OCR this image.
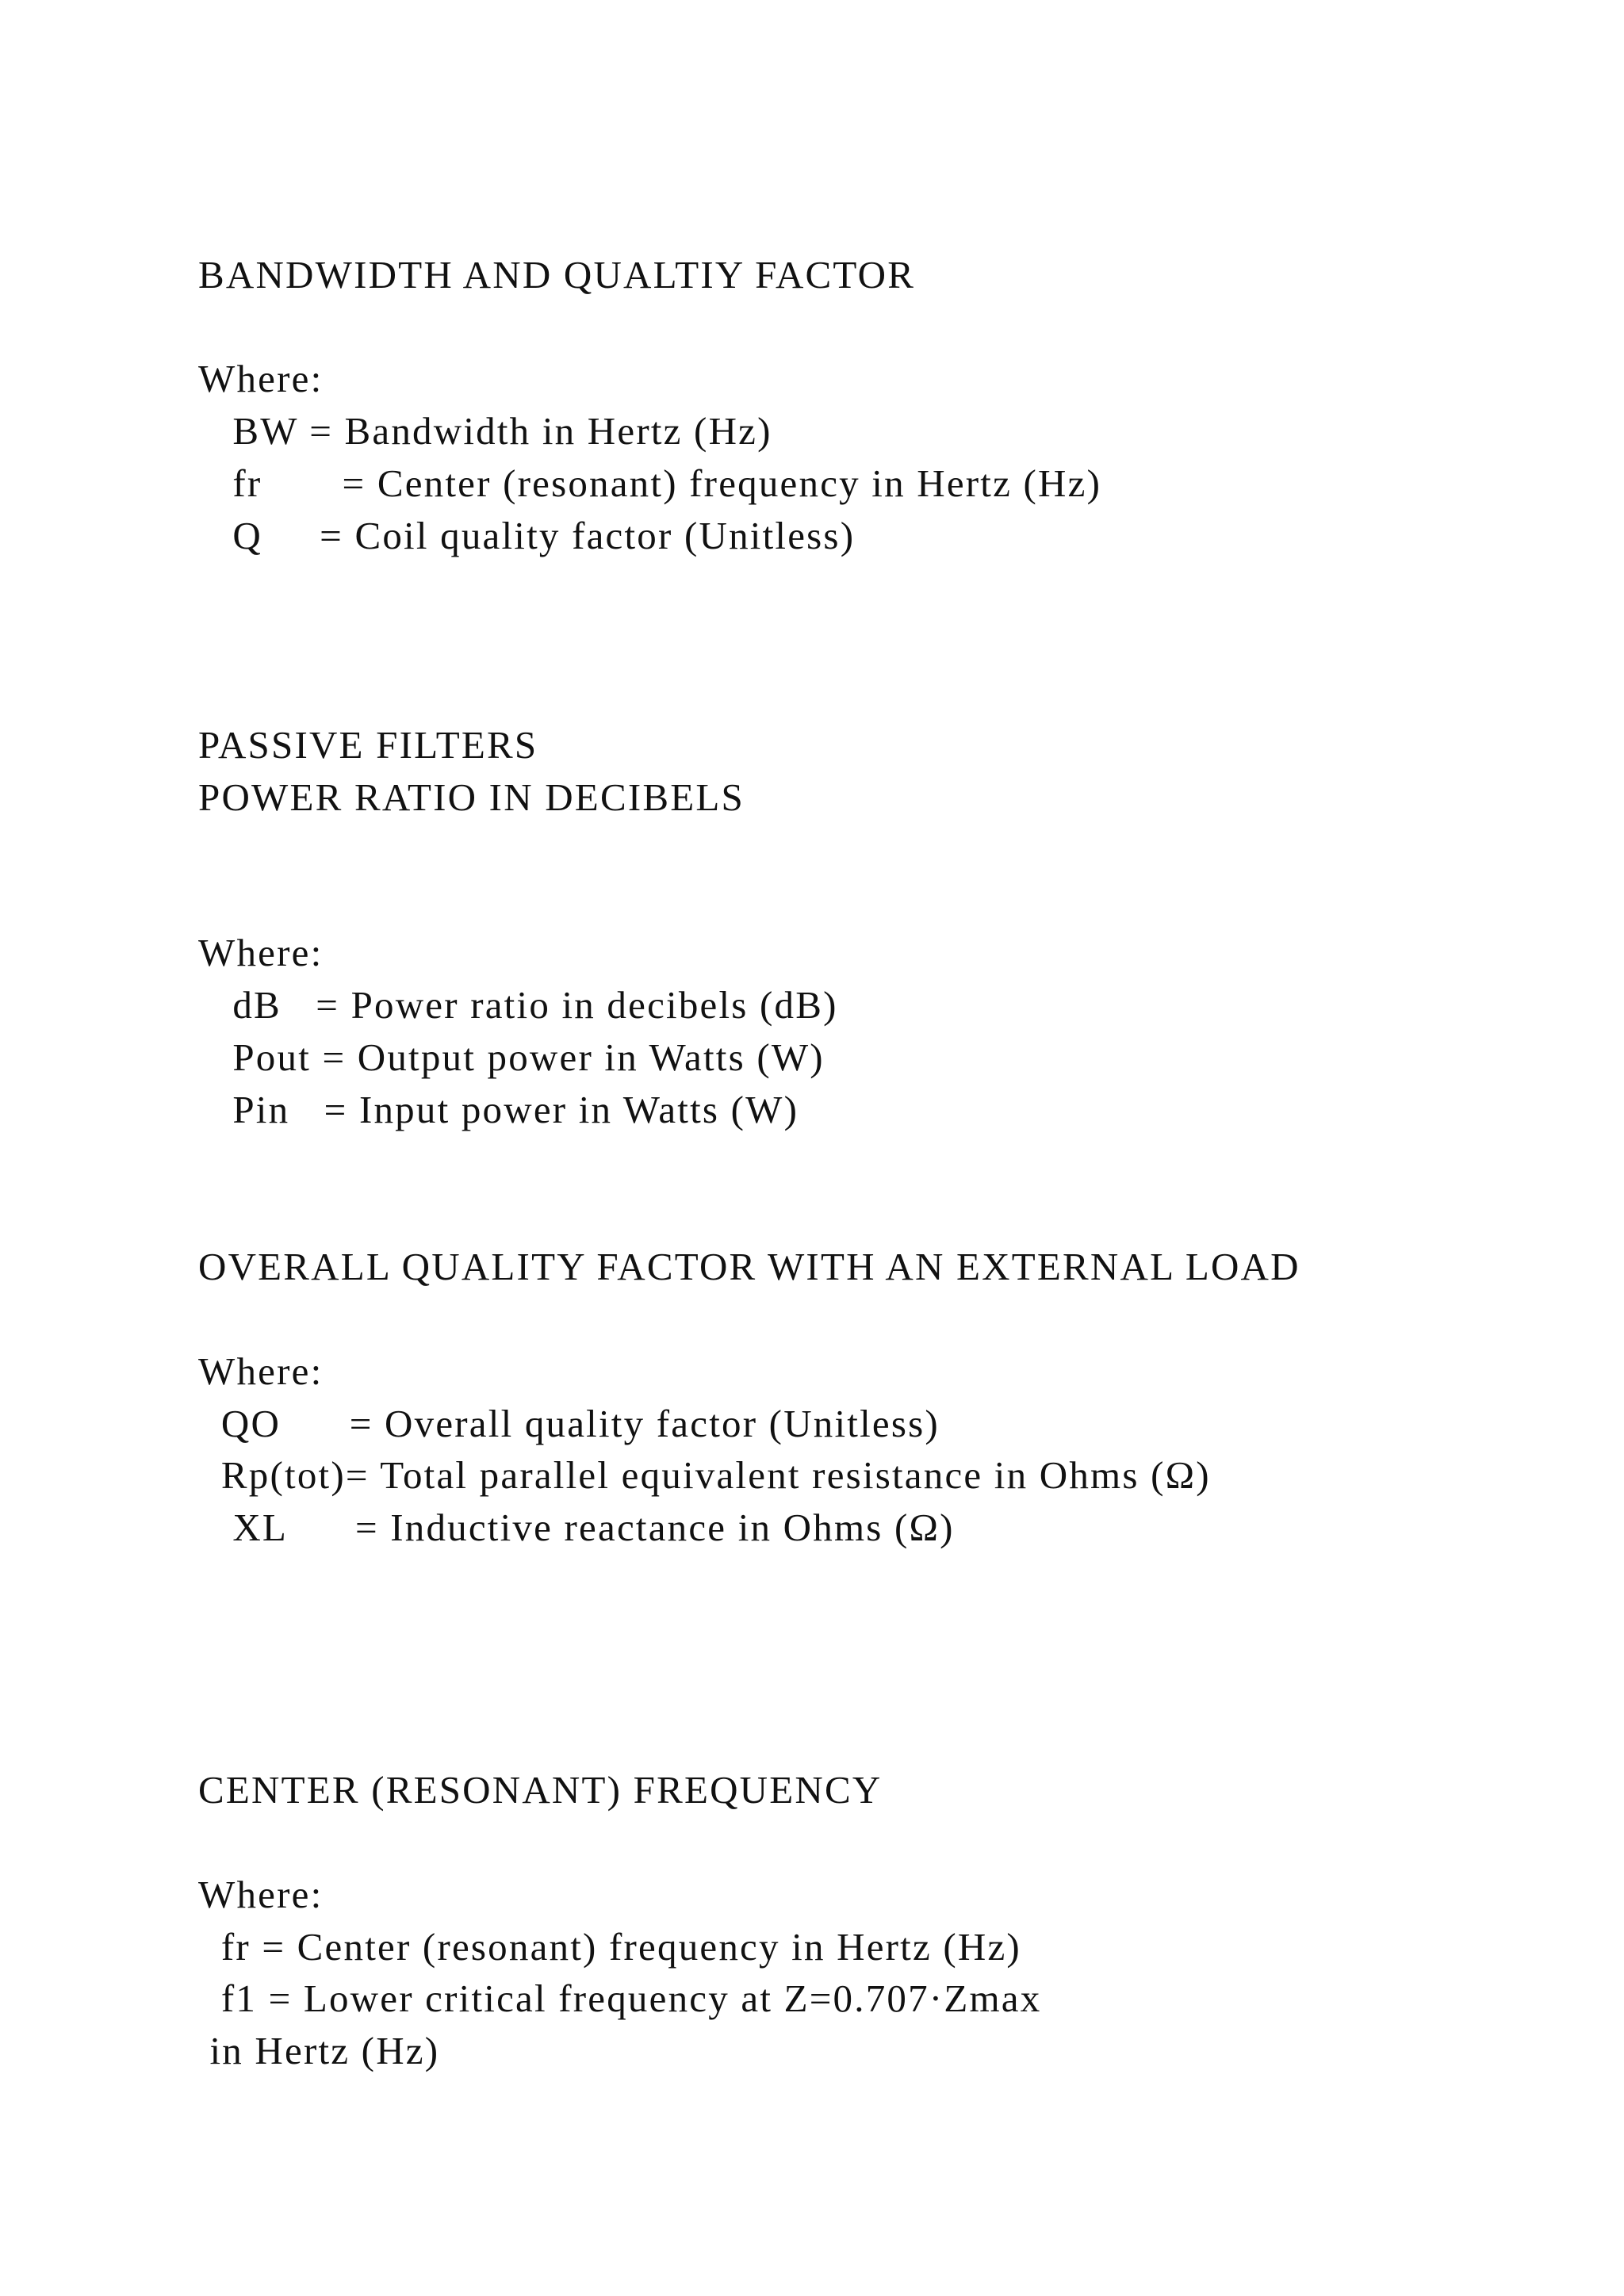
BANDWIDTH AND QUALTIY FACTOR

Where:

BW = Bandwidth in Hertz (Hz)

fr       = Center (resonant) frequency in Hertz (Hz)

Q     = Coil quality factor (Unitless)

PASSIVE FILTERS
POWER RATIO IN DECIBELS

Where:

dB   = Power ratio in decibels (dB)

Pout = Output power in Watts (W)

Pin   = Input power in Watts (W)

OVERALL QUALITY FACTOR WITH AN EXTERNAL LOAD

Where:

QO      = Overall quality factor (Unitless)

Rp(tot)= Total parallel equivalent resistance in Ohms (Ω)

XL      = Inductive reactance in Ohms (Ω)

CENTER (RESONANT) FREQUENCY

Where:

fr = Center (resonant) frequency in Hertz (Hz)

f1 = Lower critical frequency at Z=0.707·Zmax

in Hertz (Hz)
